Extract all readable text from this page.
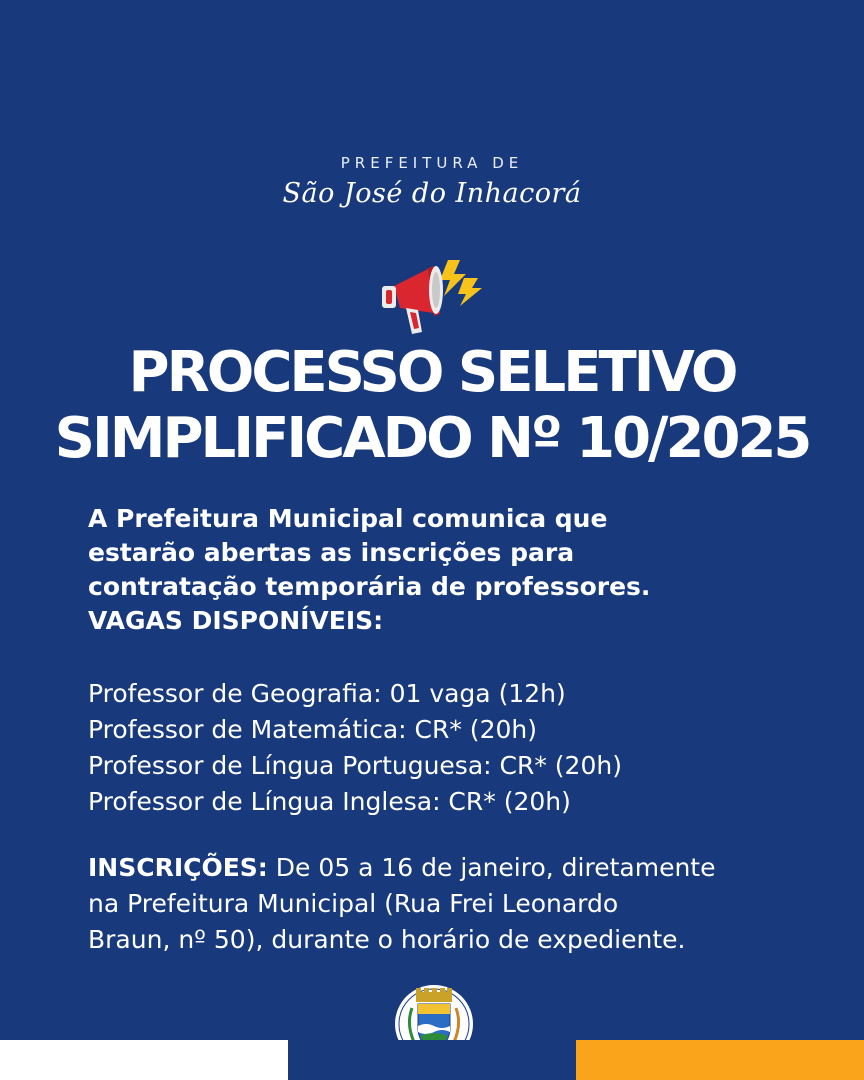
PREFEITURA DE
São José do Inhacorá
PROCESSO SELETIVO
SIMPLIFICADO Nº 10/2025
A Prefeitura Municipal comunica que
estarão abertas as inscrições para
contratação temporária de professores.
VAGAS DISPONÍVEIS:
Professor de Geografia: 01 vaga (12h)
Professor de Matemática: CR* (20h)
Professor de Língua Portuguesa: CR* (20h)
Professor de Língua Inglesa: CR* (20h)
INSCRIÇÕES: De 05 a 16 de janeiro, diretamente
na Prefeitura Municipal (Rua Frei Leonardo
Braun, nº 50), durante o horário de expediente.
